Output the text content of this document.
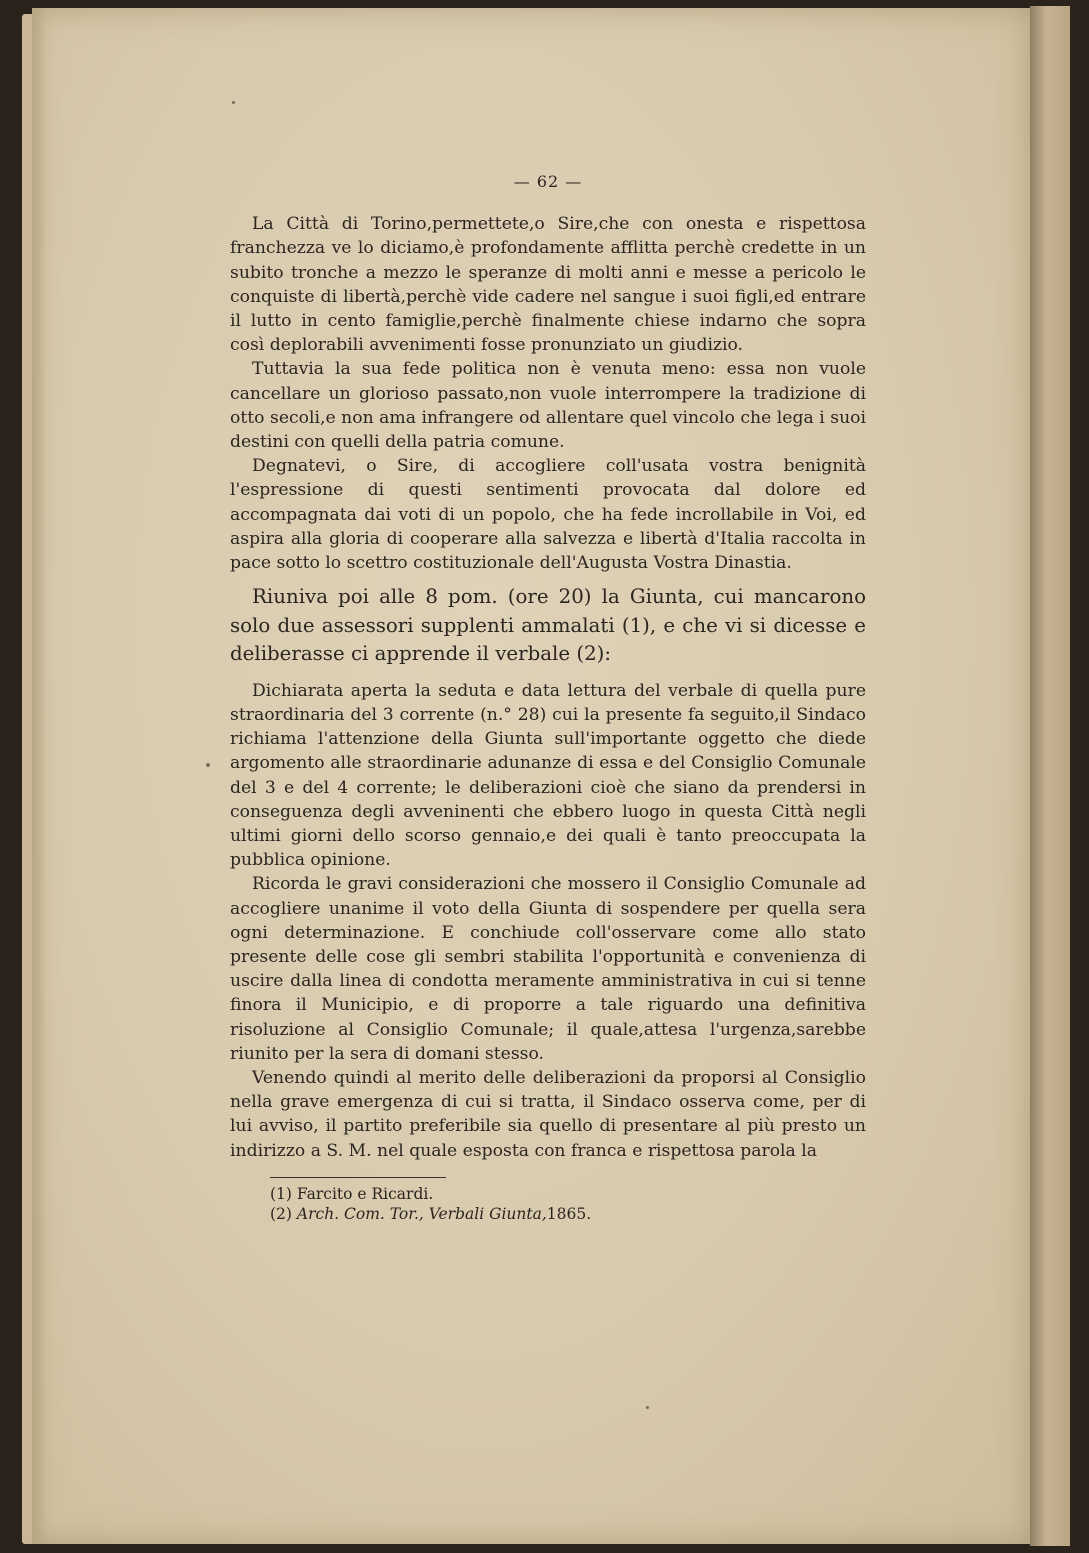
— 62 —

La Città di Torino,permettete,o Sire,che con onesta e rispettosa franchezza ve lo diciamo,è profondamente afflitta perchè credette in un subito tronche a mezzo le speranze di molti anni e messe a pericolo le conquiste di libertà,perchè vide cadere nel sangue i suoi figli,ed entrare il lutto in cento famiglie,perchè finalmente chiese indarno che sopra così deplorabili avvenimenti fosse pronunziato un giudizio.

Tuttavia la sua fede politica non è venuta meno: essa non vuole cancellare un glorioso passato,non vuole interrompere la tradizione di otto secoli,e non ama infrangere od allentare quel vincolo che lega i suoi destini con quelli della patria comune.

Degnatevi, o Sire, di accogliere coll'usata vostra benignità l'espressione di questi sentimenti provocata dal dolore ed accompagnata dai voti di un popolo, che ha fede incrollabile in Voi, ed aspira alla gloria di cooperare alla salvezza e libertà d'Italia raccolta in pace sotto lo scettro costituzionale dell'Augusta Vostra Dinastia.

Riuniva poi alle 8 pom. (ore 20) la Giunta, cui mancarono solo due assessori supplenti ammalati (1), e che vi si dicesse e deliberasse ci apprende il verbale (2):

Dichiarata aperta la seduta e data lettura del verbale di quella pure straordinaria del 3 corrente (n.° 28) cui la presente fa seguito,il Sindaco richiama l'attenzione della Giunta sull'importante oggetto che diede argomento alle straordinarie adunanze di essa e del Consiglio Comunale del 3 e del 4 corrente; le deliberazioni cioè che siano da prendersi in conseguenza degli avveninenti che ebbero luogo in questa Città negli ultimi giorni dello scorso gennaio,e dei quali è tanto preoccupata la pubblica opinione.

Ricorda le gravi considerazioni che mossero il Consiglio Comunale ad accogliere unanime il voto della Giunta di sospendere per quella sera ogni determinazione. E conchiude coll'osservare come allo stato presente delle cose gli sembri stabilita l'opportunità e convenienza di uscire dalla linea di condotta meramente amministrativa in cui si tenne finora il Municipio, e di proporre a tale riguardo una definitiva risoluzione al Consiglio Comunale; il quale,attesa l'urgenza,sarebbe riunito per la sera di domani stesso.

Venendo quindi al merito delle deliberazioni da proporsi al Consiglio nella grave emergenza di cui si tratta, il Sindaco osserva come, per di lui avviso, il partito preferibile sia quello di presentare al più presto un indirizzo a S. M. nel quale esposta con franca e rispettosa parola la

(1) Farcito e Ricardi.

(2) Arch. Com. Tor., Verbali Giunta,1865.
